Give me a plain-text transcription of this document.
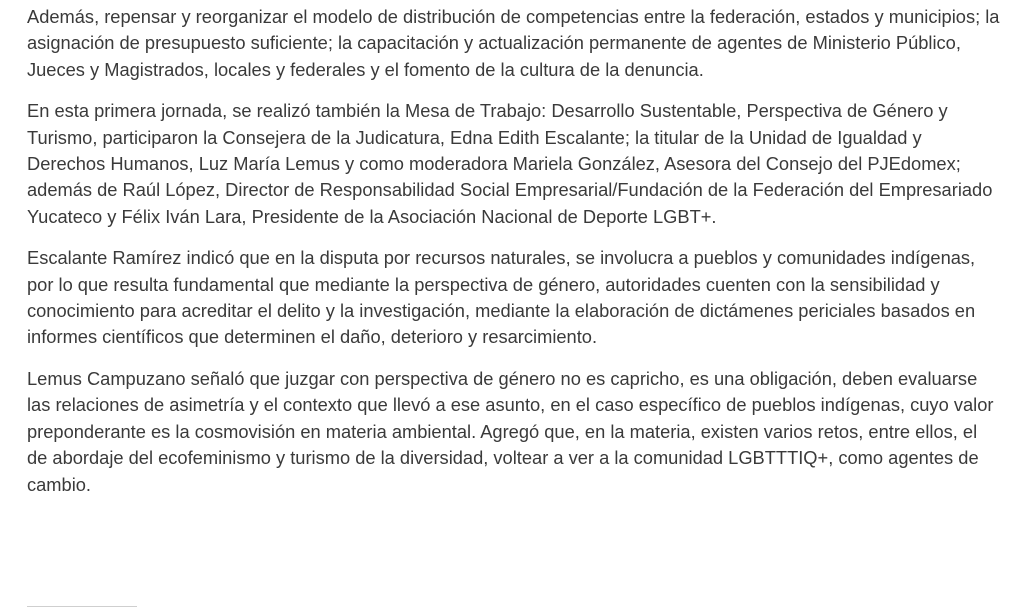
Además, repensar y reorganizar el modelo de distribución de competencias entre la federación, estados y municipios; la asignación de presupuesto suficiente; la capacitación y actualización permanente de agentes de Ministerio Público, Jueces y Magistrados, locales y federales y el fomento de la cultura de la denuncia.

En esta primera jornada, se realizó también la Mesa de Trabajo: Desarrollo Sustentable, Perspectiva de Género y Turismo, participaron la Consejera de la Judicatura, Edna Edith Escalante; la titular de la Unidad de Igualdad y Derechos Humanos, Luz María Lemus y como moderadora Mariela González, Asesora del Consejo del PJEdomex; además de Raúl López, Director de Responsabilidad Social Empresarial/Fundación de la Federación del Empresariado Yucateco y Félix Iván Lara, Presidente de la Asociación Nacional de Deporte LGBT+.

Escalante Ramírez indicó que en la disputa por recursos naturales, se involucra a pueblos y comunidades indígenas, por lo que resulta fundamental que mediante la perspectiva de género, autoridades cuenten con la sensibilidad y conocimiento para acreditar el delito y la investigación, mediante la elaboración de dictámenes periciales basados en informes científicos que determinen el daño, deterioro y resarcimiento.

Lemus Campuzano señaló que juzgar con perspectiva de género no es capricho, es una obligación, deben evaluarse las relaciones de asimetría y el contexto que llevó a ese asunto, en el caso específico de pueblos indígenas, cuyo valor preponderante es la cosmovisión en materia ambiental. Agregó que, en la materia, existen varios retos, entre ellos, el de abordaje del ecofeminismo y turismo de la diversidad, voltear a ver a la comunidad LGBTTTIQ+, como agentes de cambio.
